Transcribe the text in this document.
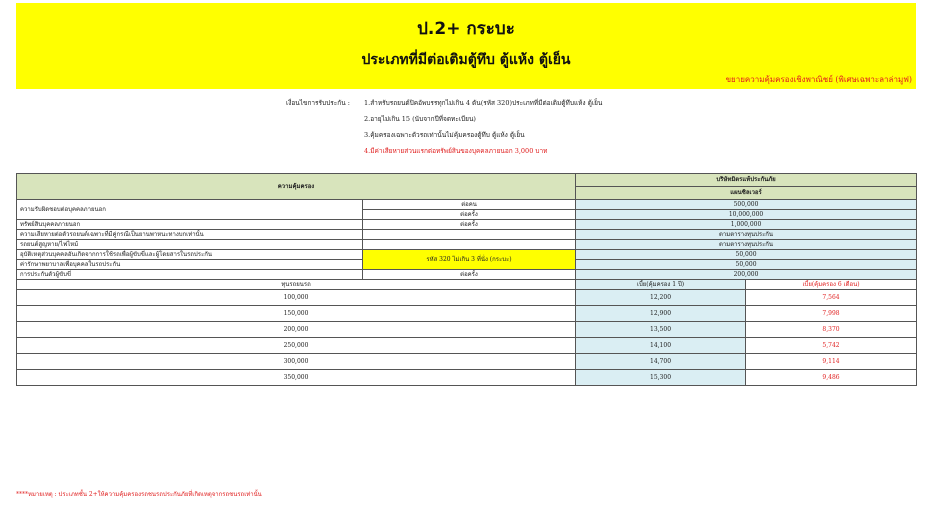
ป.2+ กระบะ
ประเภทที่มีต่อเติมตู้ทึบ ตู้แห้ง ตู้เย็น
ขยายความคุ้มครองเชิงพาณิชย์ (พิเศษเฉพาะลาล่ามูฟ)
เงื่อนไขการรับประกัน : 1.สำหรับรถยนต์ปิคอัพบรรทุกไม่เกิน 4 ตัน(รหัส 320)ประเภทที่มีต่อเติมตู้ทึบแห้ง ตู้เย็น
2.อายุไม่เกิน 15 (นับจากปีที่จดทะเบียน)
3.คุ้มครองเฉพาะตัวรถเท่านั้นไม่คุ้มครองตู้ทึบ ตู้แห้ง ตู้เย็น
4.มีค่าเสียหายส่วนแรกต่อทรัพย์สินของบุคคลภายนอก 3,000 บาท
ความคุ้มครอง		บริษัทมิตรแท้ประกันภัย	
		แผนซิลเวอร์	
ความรับผิดชอบต่อบุคคลภายนอก	ต่อคน	500,000	
	ต่อครั้ง	10,000,000	
ทรัพย์สินบุคคลภายนอก	ต่อครั้ง	1,000,000	
ความเสียหายต่อตัวรถยนต์เฉพาะที่มีคู่กรณีเป็นยานพาหนะทางบกเท่านั้น		ตามตารางทุนประกัน	
รถยนต์สูญหาย/ไฟไหม้		ตามตารางทุนประกัน	
อุบัติเหตุส่วนบุคคลอันเกิดจากการใช้รถเพื่อผู้ขับขี่และผู้โดยสารในรถประกัน	รหัส 320 ไม่เกิน 3 ที่นั่ง (กระบะ)	50,000	
ค่ารักษาพยาบาลเพื่อบุคคลในรถประกัน		50,000	
การประกันตัวผู้ขับขี่	ต่อครั้ง	200,000	
ทุนรถยนรถ		เบี้ย(คุ้มครอง 1 ปี)	เบี้ย(คุ้มครอง 6 เดือน)
100,000		12,200	7,564
150,000		12,900	7,998
200,000		13,500	8,370
250,000		14,100	5,742
300,000		14,700	9,114
350,000		15,300	9,486
****หมายเหตุ : ประเภทชั้น 2+ให้ความคุ้มครองรถชนรถประกันภัยที่เกิดเหตุจากรถชนรถเท่านั้น
